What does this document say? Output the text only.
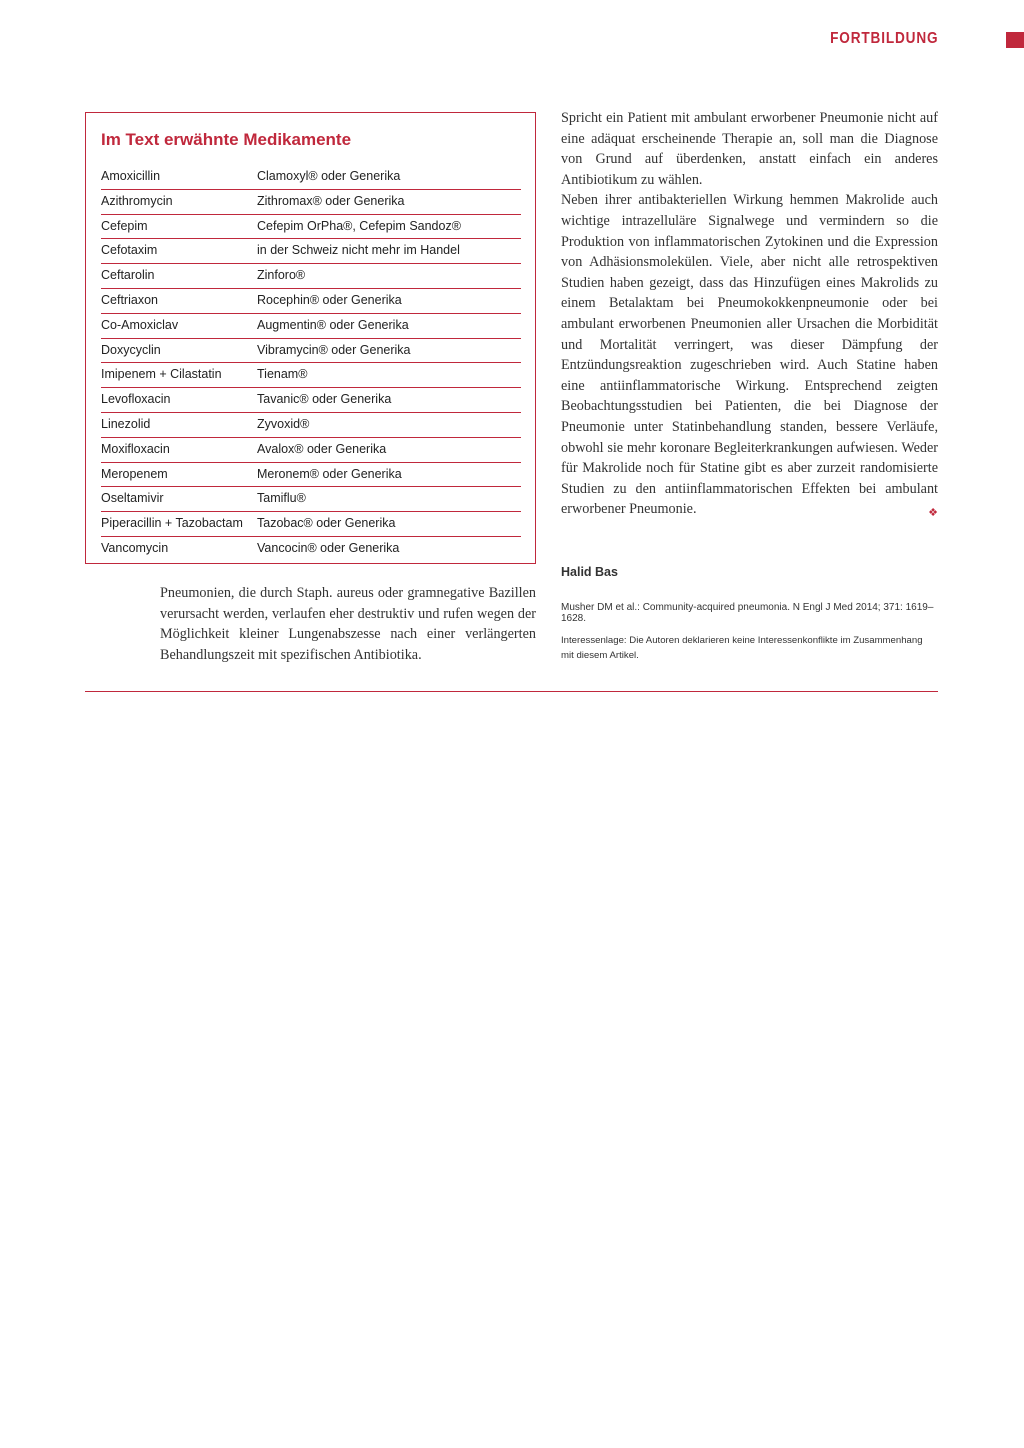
FORTBILDUNG
Im Text erwähnte Medikamente
Amoxicillin	Clamoxyl® oder Generika
Azithromycin	Zithromax® oder Generika
Cefepim	Cefepim OrPha®, Cefepim Sandoz®
Cefotaxim	in der Schweiz nicht mehr im Handel
Ceftarolin	Zinforo®
Ceftriaxon	Rocephin® oder Generika
Co-Amoxiclav	Augmentin® oder Generika
Doxycyclin	Vibramycin® oder Generika
Imipenem + Cilastatin	Tienam®
Levofloxacin	Tavanic® oder Generika
Linezolid	Zyvoxid®
Moxifloxacin	Avalox® oder Generika
Meropenem	Meronem® oder Generika
Oseltamivir	Tamiflu®
Piperacillin + Tazobactam	Tazobac® oder Generika
Vancomycin	Vancocin® oder Generika

Pneumonien, die durch Staph. aureus oder gramnegative Bazillen verursacht werden, verlaufen eher destruktiv und rufen wegen der Möglichkeit kleiner Lungenabszesse nach einer verlängerten Behandlungszeit mit spezifischen Antibiotika.

Spricht ein Patient mit ambulant erworbener Pneumonie nicht auf eine adäquat erscheinende Therapie an, soll man die Diagnose von Grund auf überdenken, anstatt einfach ein anderes Antibiotikum zu wählen.

Neben ihrer antibakteriellen Wirkung hemmen Makrolide auch wichtige intrazelluläre Signalwege und vermindern so die Produktion von inflammatorischen Zytokinen und die Expression von Adhäsionsmolekülen. Viele, aber nicht alle retrospektiven Studien haben gezeigt, dass das Hinzufügen eines Makrolids zu einem Betalaktam bei Pneumokokkenpneumonie oder bei ambulant erworbenen Pneumonien aller Ursachen die Morbidität und Mortalität verringert, was dieser Dämpfung der Entzündungsreaktion zugeschrieben wird. Auch Statine haben eine antiinflammatorische Wirkung. Entsprechend zeigten Beobachtungsstudien bei Patienten, die bei Diagnose der Pneumonie unter Statinbehandlung standen, bessere Verläufe, obwohl sie mehr koronare Begleiterkrankungen aufwiesen. Weder für Makrolide noch für Statine gibt es aber zurzeit randomisierte Studien zu den antiinflammatorischen Effekten bei ambulant erworbener Pneumonie.	❖

Halid Bas
Musher DM et al.: Community-acquired pneumonia. N Engl J Med 2014; 371: 1619–1628.
Interessenlage: Die Autoren deklarieren keine Interessenkonflikte im Zusammenhang mit diesem Artikel.
